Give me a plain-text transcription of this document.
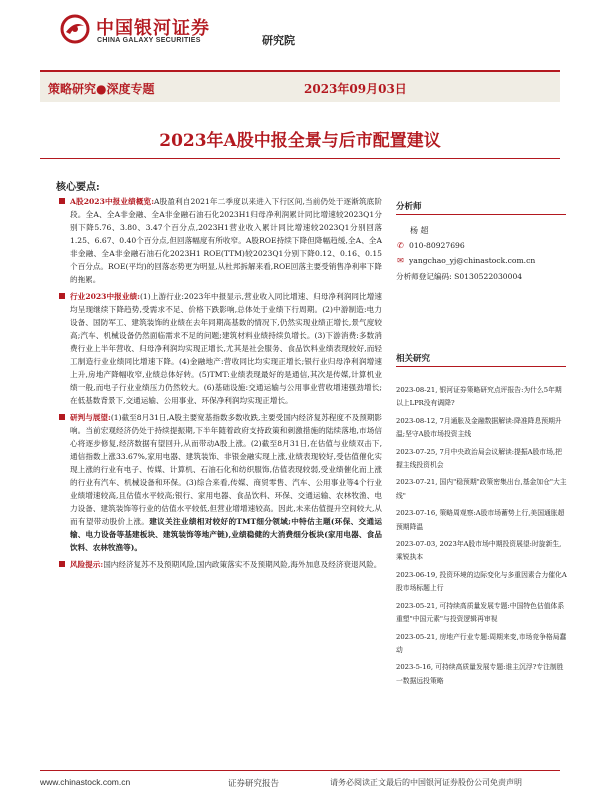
中国银河证券
CHINA GALAXY SECURITIES	研究院
策略研究●深度专题	2023年09月03日
2023年A股中报全景与后市配置建议
核心要点:
A股2023中报业绩概览:A股盈利自2021年二季度以来进入下行区间,当前仍处于逐渐筑底阶段。全A、全A非金融、全A非金融石油石化2023H1归母净利润累计同比增速较2023Q1分别下降5.76、3.80、3.47个百分点,2023H1营业收入累计同比增速较2023Q1分别回落1.25、6.67、0.40个百分点,但回落幅度有所收窄。A股ROE持续下降但降幅趋缓,全A、全A非金融、全A非金融石油石化2023H1 ROE(TTM)较2023Q1分别下降0.12、0.16、0.15个百分点。ROE(平均)的回落态势更为明显,从杜邦拆解来看,ROE回落主要受销售净利率下降的拖累。
行业2023中报业绩:(1)上游行业:2023年中报显示,营业收入同比增速、归母净利润同比增速均呈现继续下降趋势,受需求不足、价格下跌影响,总体处于业绩下行周期。(2)中游制造:电力设备、国防军工、建筑装饰的业绩在去年同期高基数的情况下,仍然实现业绩正增长,景气度较高;汽车、机械设备仍然面临需求不足的问题;建筑材料业绩持续负增长。(3)下游消费:多数消费行业上半年营收、归母净利润均实现正增长,尤其是社会服务、食品饮料业绩表现较好,而轻工制造行业业绩同比增速下降。(4)金融地产:营收同比均实现正增长;银行业归母净利润增速上升,房地产降幅收窄,业绩总体好转。(5)TMT:业绩表现最好的是通信,其次是传媒,计算机业绩一般,而电子行业业绩压力仍然较大。(6)基础设施:交通运输与公用事业营收增速强劲增长;在低基数背景下,交通运输、公用事业、环保净利润均实现正增长。
研判与展望:(1)截至8月31日,A股主要宽基指数多数收跌,主要受国内经济复苏程度不及预期影响。当前宏观经济仍处于持续提振期,下半年随着政府支持政策和刺激措施的陆续落地,市场信心将逐步修复,经济数据有望回升,从而带动A股上涨。(2)截至8月31日,在估值与业绩双击下,通信指数上涨33.67%,家用电器、建筑装饰、非银金融实现上涨,业绩表现较好,受估值催化实现上涨的行业有电子、传媒、计算机、石油石化和纺织服饰,估值表现较弱,受业绩催化而上涨的行业有汽车、机械设备和环保。(3)综合来看,传媒、商贸零售、汽车、公用事业等4个行业业绩增速较高,且估值水平较高;银行、家用电器、食品饮料、环保、交通运输、农林牧渔、电力设备、建筑装饰等行业的估值水平较低,但营业增增速较高。因此,未来估值提升空间较大,从而有望带动股价上涨。建议关注业绩相对较好的TMT细分领域;中特估主题(环保、交通运输、电力设备等基建板块、建筑装饰等地产链),业绩稳健的大消费细分板块(家用电器、食品饮料、农林牧渔等)。
风险提示:国内经济复苏不及预期风险,国内政策落实不及预期风险,海外加息及经济衰退风险。
分析师
杨 超
✆ 010-80927696
✉ yangchao_yj@chinastock.com.cn
分析师登记编码: S0130522030004
相关研究
2023-08-21, 银河证券策略研究点评报告:为什么5年期以上LPR没有调降?
2023-08-12, 7月通胀及金融数据解读:降准降息预期升温;坚守A股市场投资主线
2023-07-25, 7月中央政治局会议解读:提振A股市场,把握主线投资机会
2023-07-21, 国内"稳预期"政策密集出台,基金加仓"大主线"
2023-07-16, 策略周观察:A股市场蓄势上行,美国通胀超预期降温
2023-07-03, 2023年A股市场中期投资展望:时旋新生,乘锐执本
2023-06-19, 投资环境的边际变化与多重因素合力催化A股市场标题上行
2023-05-21, 可持续高质量发展专题:中国特色估值体系重塑"中国元素"与投资逻辑再审视
2023-05-21, 房地产行业专题:周期来变,市场竞争格局蠢动
2023-5-16, 可持续高质量发展专题:谁主沉浮?专注制胜一数据远投策略
www.chinastock.com.cn	证券研究报告	请务必阅读正文最后的中国银河证券股份公司免责声明
